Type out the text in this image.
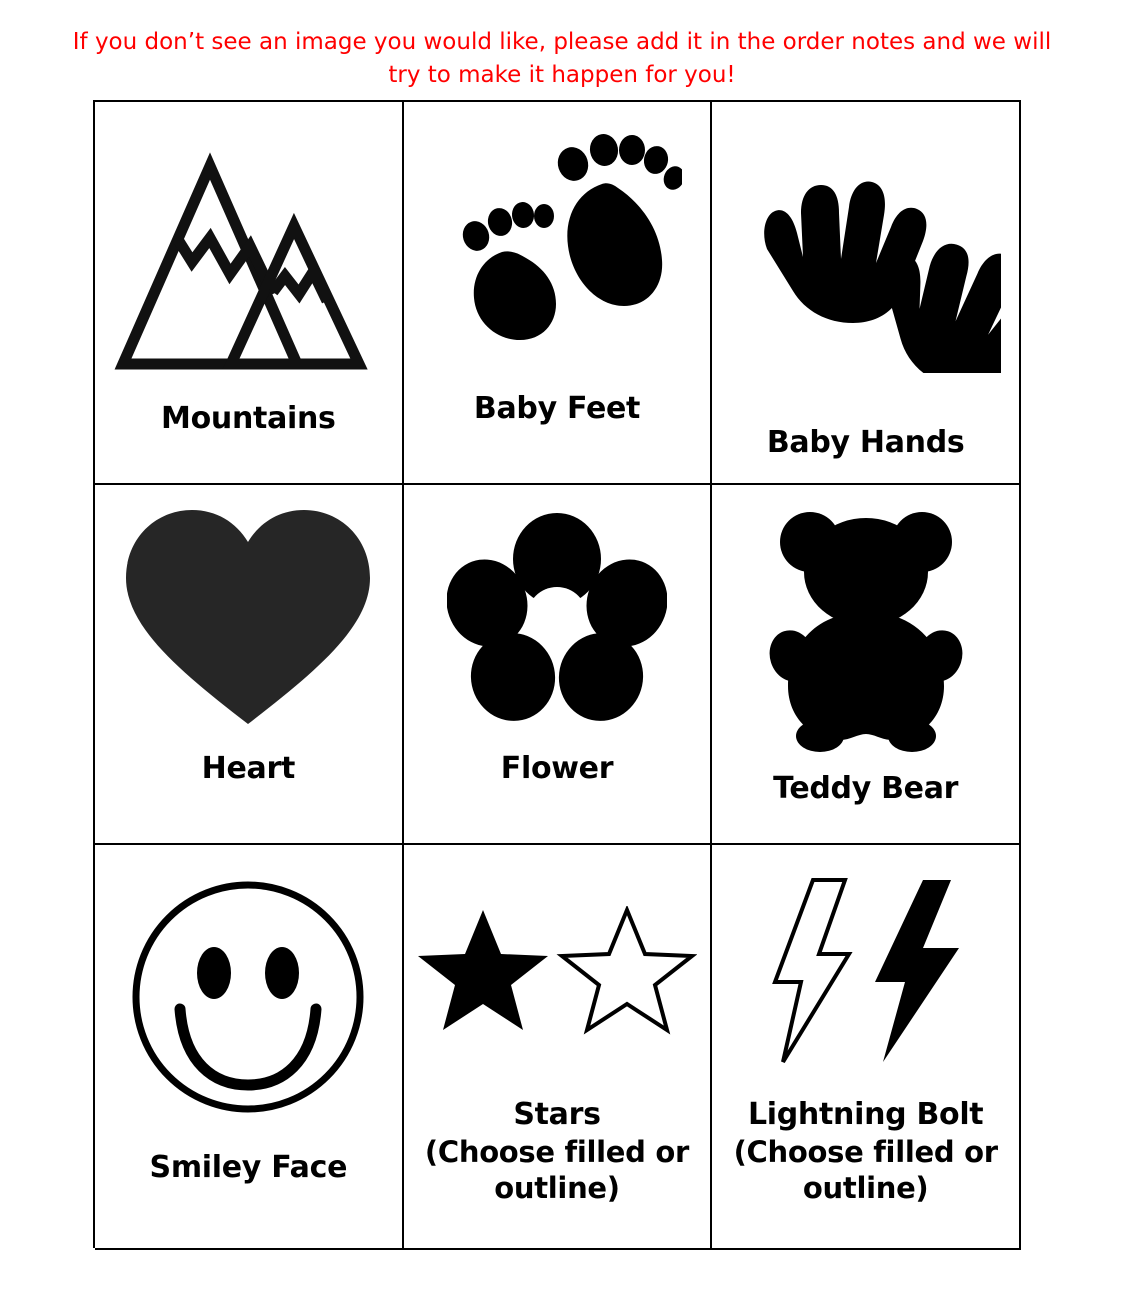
If you don’t see an image you would like, please add it in the order notes and we will try to make it happen for you!
Mountains	Baby Feet
Baby Hands
Heart	Flower
Teddy Bear
Smiley Face
Stars
(Choose filled or outline)
Lightning Bolt
(Choose filled or outline)
